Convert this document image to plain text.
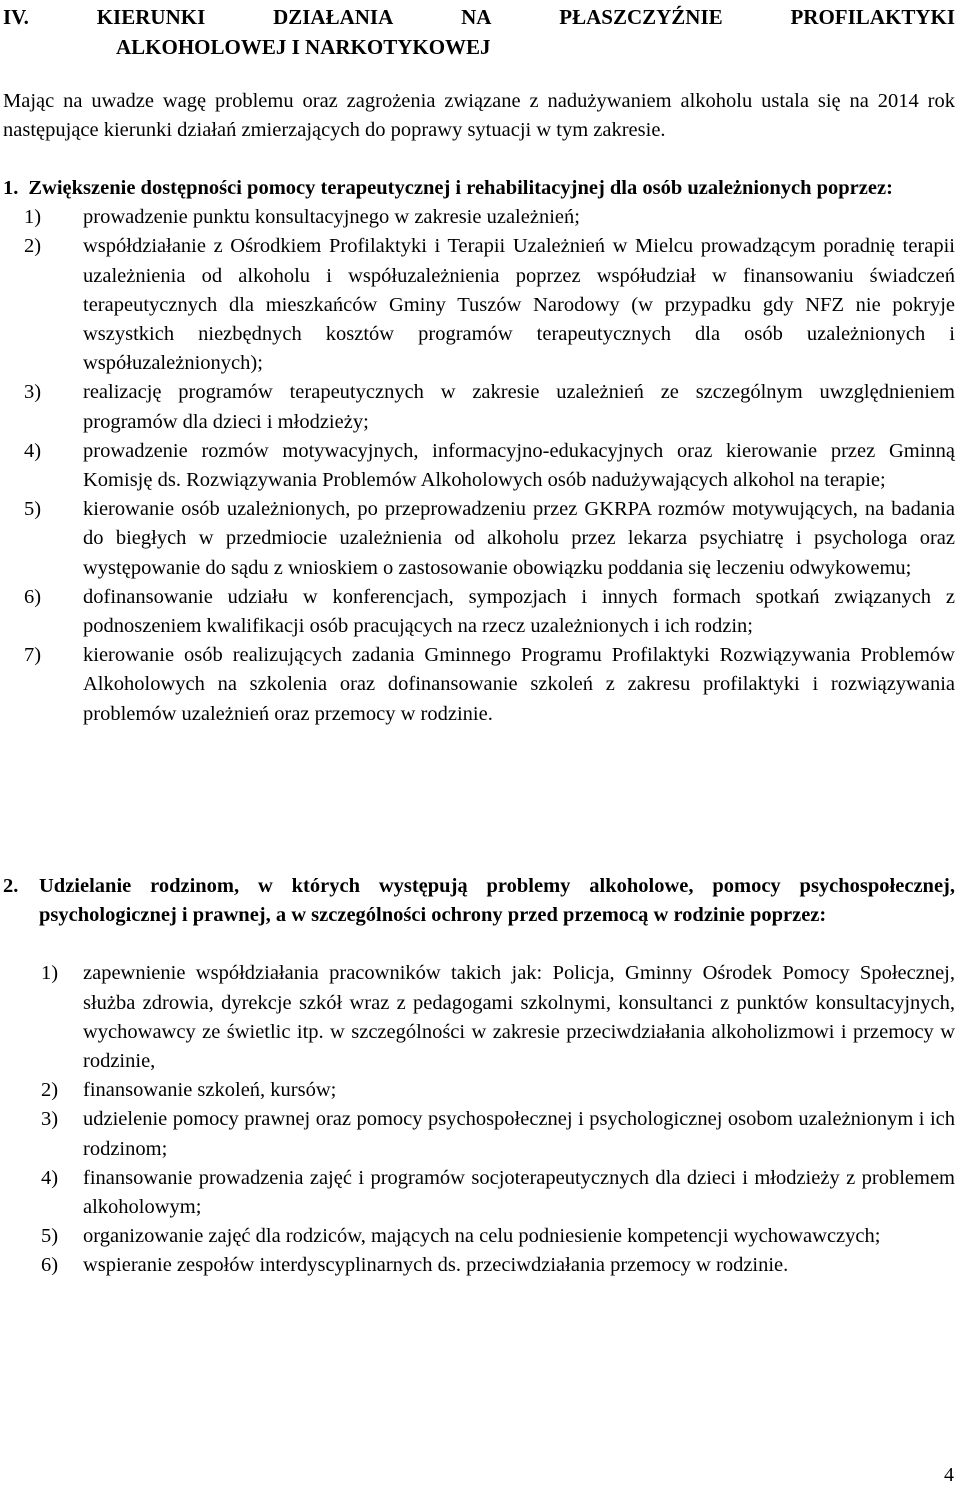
IV.	KIERUNKI	DZIAŁANIA	NA	PŁASZCZYŹNIE	PROFILAKTYKI
ALKOHOLOWEJ I NARKOTYKOWEJ
Mając na uwadze wagę problemu oraz zagrożenia związane z nadużywaniem alkoholu ustala się na 2014 rok następujące kierunki działań zmierzających do poprawy sytuacji w tym zakresie.
1. Zwiększenie dostępności pomocy terapeutycznej i rehabilitacyjnej dla osób uzależnionych poprzez:
1) prowadzenie punktu konsultacyjnego w zakresie uzależnień;
2) współdziałanie z Ośrodkiem Profilaktyki i Terapii Uzależnień w Mielcu prowadzącym poradnię terapii uzależnienia od alkoholu i współuzależnienia poprzez współudział w finansowaniu świadczeń terapeutycznych dla mieszkańców Gminy Tuszów Narodowy (w przypadku gdy NFZ nie pokryje wszystkich niezbędnych kosztów programów terapeutycznych dla osób uzależnionych i współuzależnionych);
3) realizację programów terapeutycznych w zakresie uzależnień ze szczególnym uwzględnieniem programów dla dzieci i młodzieży;
4) prowadzenie rozmów motywacyjnych, informacyjno-edukacyjnych oraz kierowanie przez Gminną Komisję ds. Rozwiązywania Problemów Alkoholowych osób nadużywających alkohol na terapie;
5) kierowanie osób uzależnionych, po przeprowadzeniu przez GKRPA rozmów motywujących, na badania do biegłych w przedmiocie uzależnienia od alkoholu przez lekarza psychiatrę i psychologa oraz występowanie do sądu z wnioskiem o zastosowanie obowiązku poddania się leczeniu odwykowemu;
6) dofinansowanie udziału w konferencjach, sympozjach i innych formach spotkań związanych z podnoszeniem kwalifikacji osób pracujących na rzecz uzależnionych i ich rodzin;
7) kierowanie osób realizujących zadania Gminnego Programu Profilaktyki Rozwiązywania Problemów Alkoholowych na szkolenia oraz dofinansowanie szkoleń z zakresu profilaktyki i rozwiązywania problemów uzależnień oraz przemocy w rodzinie.
2. Udzielanie rodzinom, w których występują problemy alkoholowe, pomocy psychospołecznej, psychologicznej i prawnej, a w szczególności ochrony przed przemocą w rodzinie poprzez:
1) zapewnienie współdziałania pracowników takich jak: Policja, Gminny Ośrodek Pomocy Społecznej, służba zdrowia, dyrekcje szkół wraz z pedagogami szkolnymi, konsultanci z punktów konsultacyjnych, wychowawcy ze świetlic itp. w szczególności w zakresie przeciwdziałania alkoholizmowi i przemocy w rodzinie,
2) finansowanie szkoleń, kursów;
3) udzielenie pomocy prawnej oraz pomocy psychospołecznej i psychologicznej osobom uzależnionym i ich rodzinom;
4) finansowanie prowadzenia zajęć i programów socjoterapeutycznych dla dzieci i młodzieży z problemem alkoholowym;
5) organizowanie zajęć dla rodziców, mających na celu podniesienie kompetencji wychowawczych;
6) wspieranie zespołów interdyscyplinarnych ds. przeciwdziałania przemocy w rodzinie.
4
